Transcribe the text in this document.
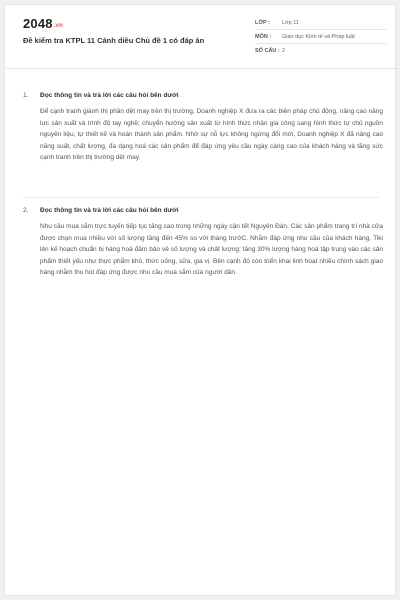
2048.vn
Đề kiểm tra KTPL 11 Cánh diều Chủ đề 1 có đáp án
LỚP :	Lớp 11
MÔN :	Giáo dục Kinh tế và Pháp luật
SỐ CÂU : 2
1.	Đọc thông tin và trả lời các câu hỏi bên dưới
Để cạnh tranh giành thị phần dệt may trên thị trường, Doanh nghiệp X đưa ra các biện pháp chủ động, nâng cao năng lực sản xuất và trình độ tay nghề; chuyển hướng sản xuất từ hình thức nhận gia công sang hình thức tự chủ nguồn nguyên liệu, tự thiết kế và hoàn thành sản phẩm. Nhờ sự nỗ lực không ngừng đổi mới, Doanh nghiệp X đã nâng cao năng suất, chất lượng, đa dạng hoá các sản phẩm để đáp ứng yêu cầu ngày càng cao của khách hàng và tăng sức cạnh tranh trên thị trường dệt may.
2.	Đọc thông tin và trả lời các câu hỏi bên dưới
Nhu cầu mua sắm trực tuyến tiếp tục tăng cao trong những ngày cận tết Nguyên Đán. Các sản phẩm trang trí nhà cửa được chọn mua nhiều với số lượng tăng đến 45% so với tháng trướC. Nhằm đáp ứng nhu cầu của khách hàng, Tiki lên kế hoạch chuẩn bị hàng hoá đảm bảo về số lượng và chất lượng: tăng 30% lượng hàng hoá tập trung vào các sản phẩm thiết yếu như thực phẩm khô, thức uống, sữa, gia vị. Bên cạnh đó còn triển khai linh hoạt nhiều chính sách giao hàng nhằm thu hút đáp ứng được nhu cầu mua sắm của người dân.
